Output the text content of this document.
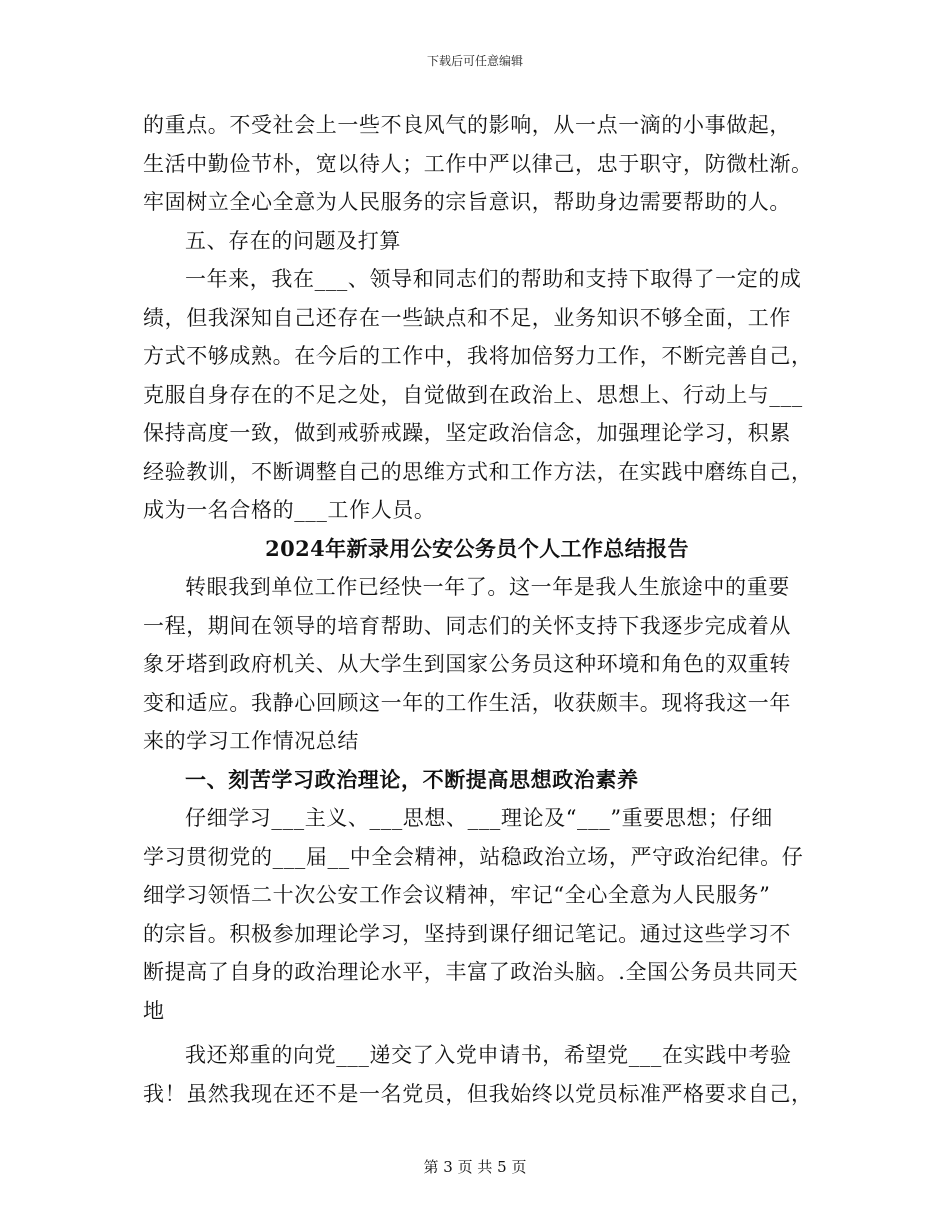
下载后可任意编辑
的重点。不受社会上一些不良风气的影响，从一点一滴的小事做起，
生活中勤俭节朴，宽以待人；工作中严以律己，忠于职守，防微杜渐。
牢固树立全心全意为人民服务的宗旨意识，帮助身边需要帮助的人。
五、存在的问题及打算
一年来，我在___、领导和同志们的帮助和支持下取得了一定的成
绩，但我深知自己还存在一些缺点和不足，业务知识不够全面，工作
方式不够成熟。在今后的工作中，我将加倍努力工作，不断完善自己，
克服自身存在的不足之处，自觉做到在政治上、思想上、行动上与___
保持高度一致，做到戒骄戒躁，坚定政治信念，加强理论学习，积累
经验教训，不断调整自己的思维方式和工作方法，在实践中磨练自己，
成为一名合格的___工作人员。
2024年新录用公安公务员个人工作总结报告
转眼我到单位工作已经快一年了。这一年是我人生旅途中的重要
一程，期间在领导的培育帮助、同志们的关怀支持下我逐步完成着从
象牙塔到政府机关、从大学生到国家公务员这种环境和角色的双重转
变和适应。我静心回顾这一年的工作生活，收获颇丰。现将我这一年
来的学习工作情况总结
一、刻苦学习政治理论，不断提高思想政治素养
仔细学习___主义、___思想、___理论及“___”重要思想；仔细
学习贯彻党的___届__中全会精神，站稳政治立场，严守政治纪律。仔
细学习领悟二十次公安工作会议精神，牢记“全心全意为人民服务”
的宗旨。积极参加理论学习，坚持到课仔细记笔记。通过这些学习不
断提高了自身的政治理论水平，丰富了政治头脑。.全国公务员共同天
地
我还郑重的向党___递交了入党申请书，希望党___在实践中考验
我！虽然我现在还不是一名党员，但我始终以党员标准严格要求自己，
第 3 页 共 5 页
